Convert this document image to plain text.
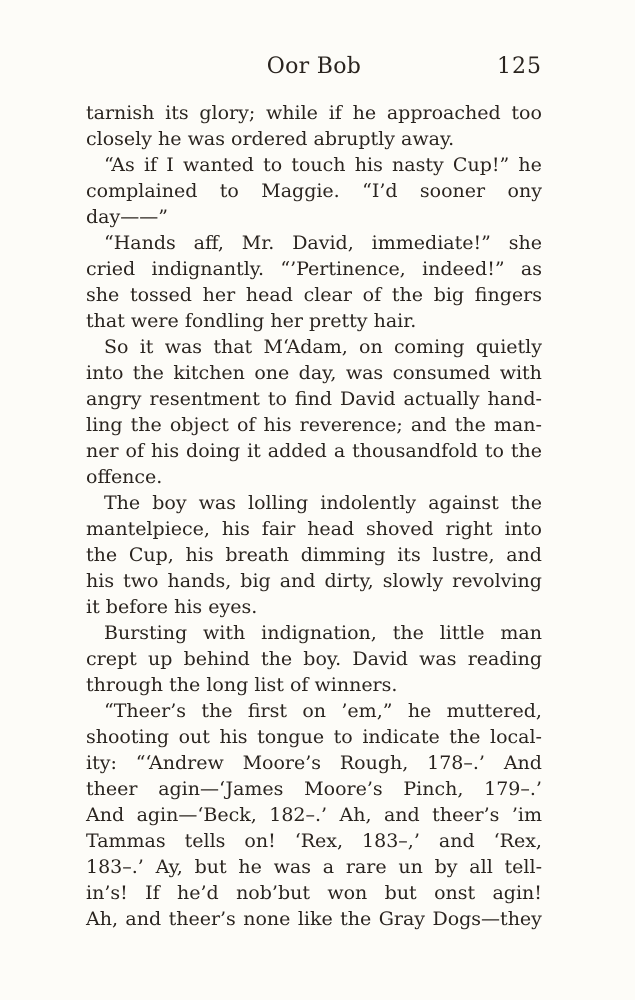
Oor Bob	125
tarnish its glory; while if he approached too
closely he was ordered abruptly away.
“As if I wanted to touch his nasty Cup!” he
complained to Maggie. “I’d sooner ony
day——”
“Hands aff, Mr. David, immediate!” she
cried indignantly. “’Pertinence, indeed!” as
she tossed her head clear of the big fingers
that were fondling her pretty hair.
So it was that M‘Adam, on coming quietly
into the kitchen one day, was consumed with
angry resentment to find David actually hand-
ling the object of his reverence; and the man-
ner of his doing it added a thousandfold to the
offence.
The boy was lolling indolently against the
mantelpiece, his fair head shoved right into
the Cup, his breath dimming its lustre, and
his two hands, big and dirty, slowly revolving
it before his eyes.
Bursting with indignation, the little man
crept up behind the boy. David was reading
through the long list of winners.
“Theer’s the first on ’em,” he muttered,
shooting out his tongue to indicate the local-
ity: “‘Andrew Moore’s Rough, 178–.’ And
theer agin—‘James Moore’s Pinch, 179–.’
And agin—‘Beck, 182–.’ Ah, and theer’s ’im
Tammas tells on! ‘Rex, 183–,’ and ‘Rex,
183–.’ Ay, but he was a rare un by all tell-
in’s! If he’d nob’but won but onst agin!
Ah, and theer’s none like the Gray Dogs—they
